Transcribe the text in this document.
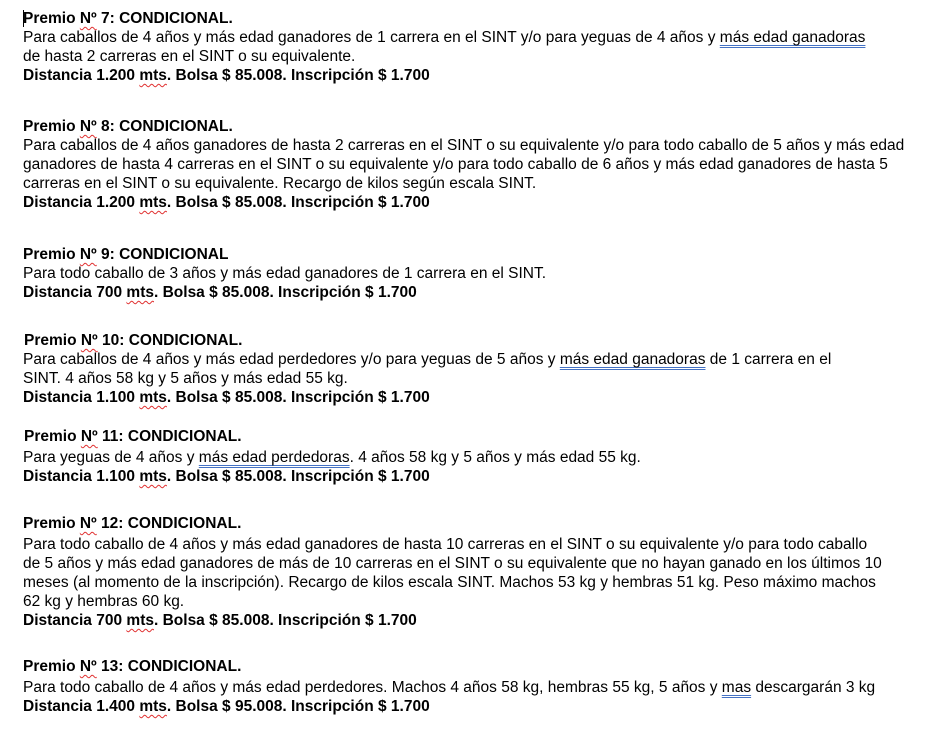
Premio Nº 7: CONDICIONAL.
Para caballos de 4 años y más edad ganadores de 1 carrera en el SINT y/o para yeguas de 4 años y más edad ganadoras
de hasta 2 carreras en el SINT o su equivalente.
Distancia 1.200 mts. Bolsa $ 85.008. Inscripción $ 1.700
Premio Nº 8: CONDICIONAL.
Para caballos de 4 años ganadores de hasta 2 carreras en el SINT o su equivalente y/o para todo caballo de 5 años y más edad
ganadores de hasta 4 carreras en el SINT o su equivalente y/o para todo caballo de 6 años y más edad ganadores de hasta 5
carreras en el SINT o su equivalente. Recargo de kilos según escala SINT.
Distancia 1.200 mts. Bolsa $ 85.008. Inscripción $ 1.700
Premio Nº 9: CONDICIONAL
Para todo caballo de 3 años y más edad ganadores de 1 carrera en el SINT.
Distancia 700 mts. Bolsa $ 85.008. Inscripción $ 1.700
Premio Nº 10: CONDICIONAL.
Para caballos de 4 años y más edad perdedores y/o para yeguas de 5 años y más edad ganadoras de 1 carrera en el
SINT. 4 años 58 kg y 5 años y más edad 55 kg.
Distancia 1.100 mts. Bolsa $ 85.008. Inscripción $ 1.700
Premio Nº 11: CONDICIONAL.
Para yeguas de 4 años y más edad perdedoras. 4 años 58 kg y 5 años y más edad 55 kg.
Distancia 1.100 mts. Bolsa $ 85.008. Inscripción $ 1.700
Premio Nº 12: CONDICIONAL.
Para todo caballo de 4 años y más edad ganadores de hasta 10 carreras en el SINT o su equivalente y/o para todo caballo
de 5 años y más edad ganadores de más de 10 carreras en el SINT o su equivalente que no hayan ganado en los últimos 10
meses (al momento de la inscripción). Recargo de kilos escala SINT. Machos 53 kg y hembras 51 kg. Peso máximo machos
62 kg y hembras 60 kg.
Distancia 700 mts. Bolsa $ 85.008. Inscripción $ 1.700
Premio Nº 13: CONDICIONAL.
Para todo caballo de 4 años y más edad perdedores. Machos 4 años 58 kg, hembras 55 kg, 5 años y mas descargarán 3 kg
Distancia 1.400 mts. Bolsa $ 95.008. Inscripción $ 1.700
